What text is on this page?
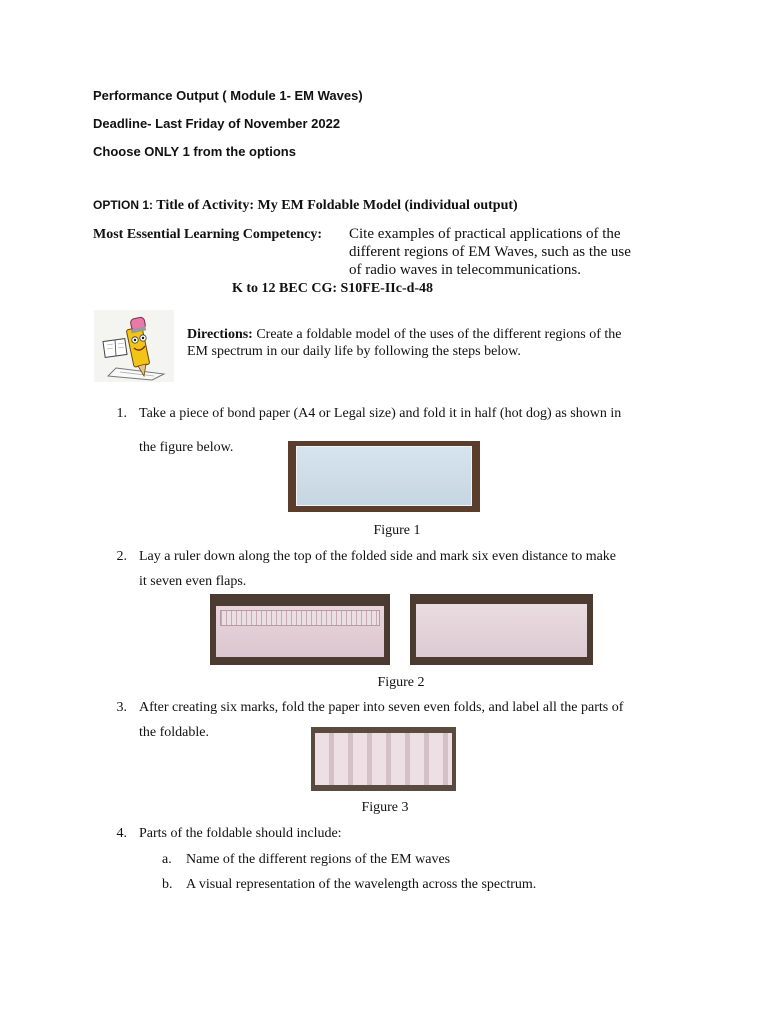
Performance Output ( Module 1- EM Waves)
Deadline- Last Friday of November 2022
Choose ONLY 1 from the options
OPTION 1: Title of Activity: My EM Foldable Model (individual output)
Most Essential Learning Competency: Cite examples of practical applications of the
different regions of EM Waves, such as the use
of radio waves in telecommunications.
K to 12 BEC CG: S10FE-IIc-d-48
Directions: Create a foldable model of the uses of the different regions of the
EM spectrum in our daily life by following the steps below.
1. Take a piece of bond paper (A4 or Legal size) and fold it in half (hot dog) as shown in
the figure below.
Figure 1
2. Lay a ruler down along the top of the folded side and mark six even distance to make
it seven even flaps.
Figure 2
3. After creating six marks, fold the paper into seven even folds, and label all the parts of
the foldable.
Figure 3
4. Parts of the foldable should include:
a. Name of the different regions of the EM waves
b. A visual representation of the wavelength across the spectrum.
